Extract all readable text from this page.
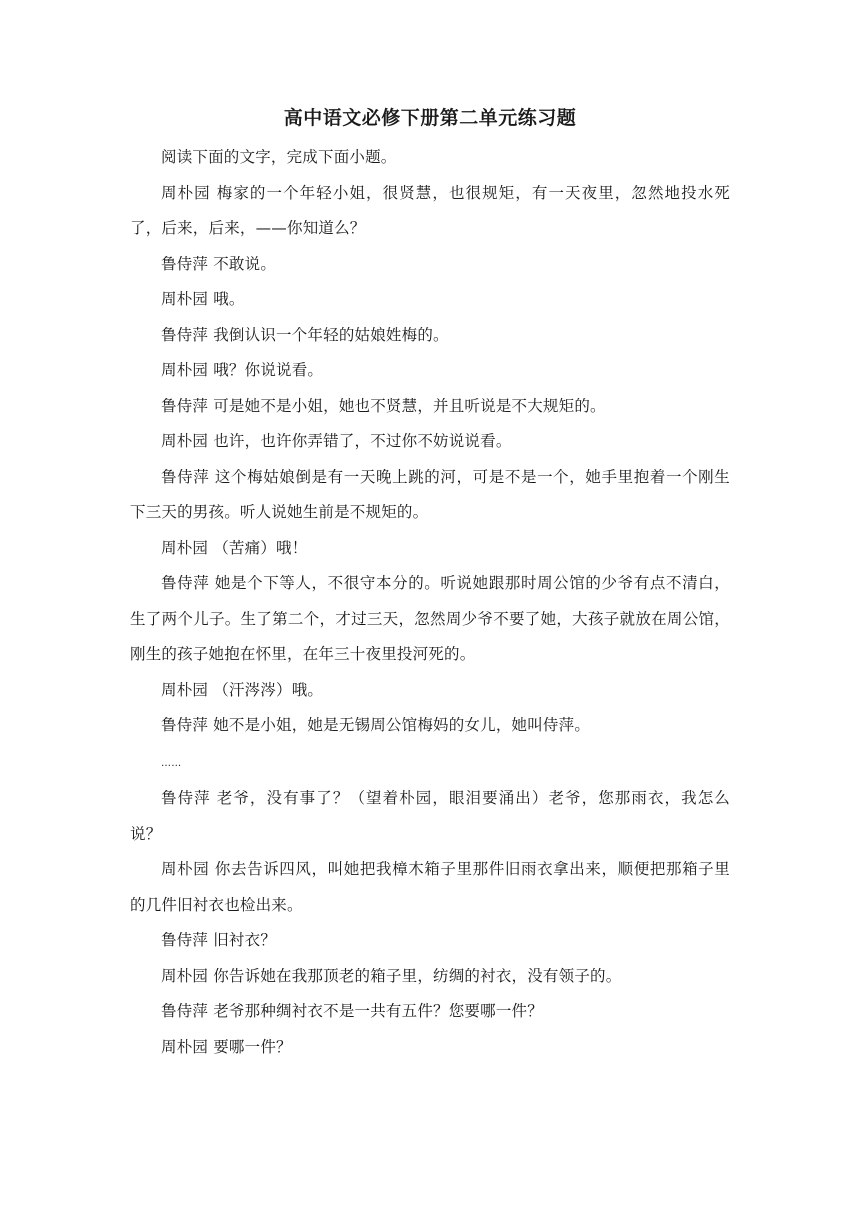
高中语文必修下册第二单元练习题

阅读下面的文字，完成下面小题。

周朴园 梅家的一个年轻小姐，很贤慧，也很规矩，有一天夜里，忽然地投水死了，后来，后来，——你知道么？

鲁侍萍 不敢说。

周朴园 哦。

鲁侍萍 我倒认识一个年轻的姑娘姓梅的。

周朴园 哦？你说说看。

鲁侍萍 可是她不是小姐，她也不贤慧，并且听说是不大规矩的。

周朴园 也许，也许你弄错了，不过你不妨说说看。

鲁侍萍 这个梅姑娘倒是有一天晚上跳的河，可是不是一个，她手里抱着一个刚生下三天的男孩。听人说她生前是不规矩的。

周朴园 （苦痛）哦！

鲁侍萍 她是个下等人，不很守本分的。听说她跟那时周公馆的少爷有点不清白，生了两个儿子。生了第二个，才过三天，忽然周少爷不要了她，大孩子就放在周公馆，刚生的孩子她抱在怀里，在年三十夜里投河死的。

周朴园 （汗涔涔）哦。

鲁侍萍 她不是小姐，她是无锡周公馆梅妈的女儿，她叫侍萍。

……

鲁侍萍 老爷，没有事了？（望着朴园，眼泪要涌出）老爷，您那雨衣，我怎么说？

周朴园 你去告诉四风，叫她把我樟木箱子里那件旧雨衣拿出来，顺便把那箱子里的几件旧衬衣也检出来。

鲁侍萍 旧衬衣？

周朴园 你告诉她在我那顶老的箱子里，纺绸的衬衣，没有领子的。

鲁侍萍 老爷那种绸衬衣不是一共有五件？您要哪一件？

周朴园 要哪一件？
